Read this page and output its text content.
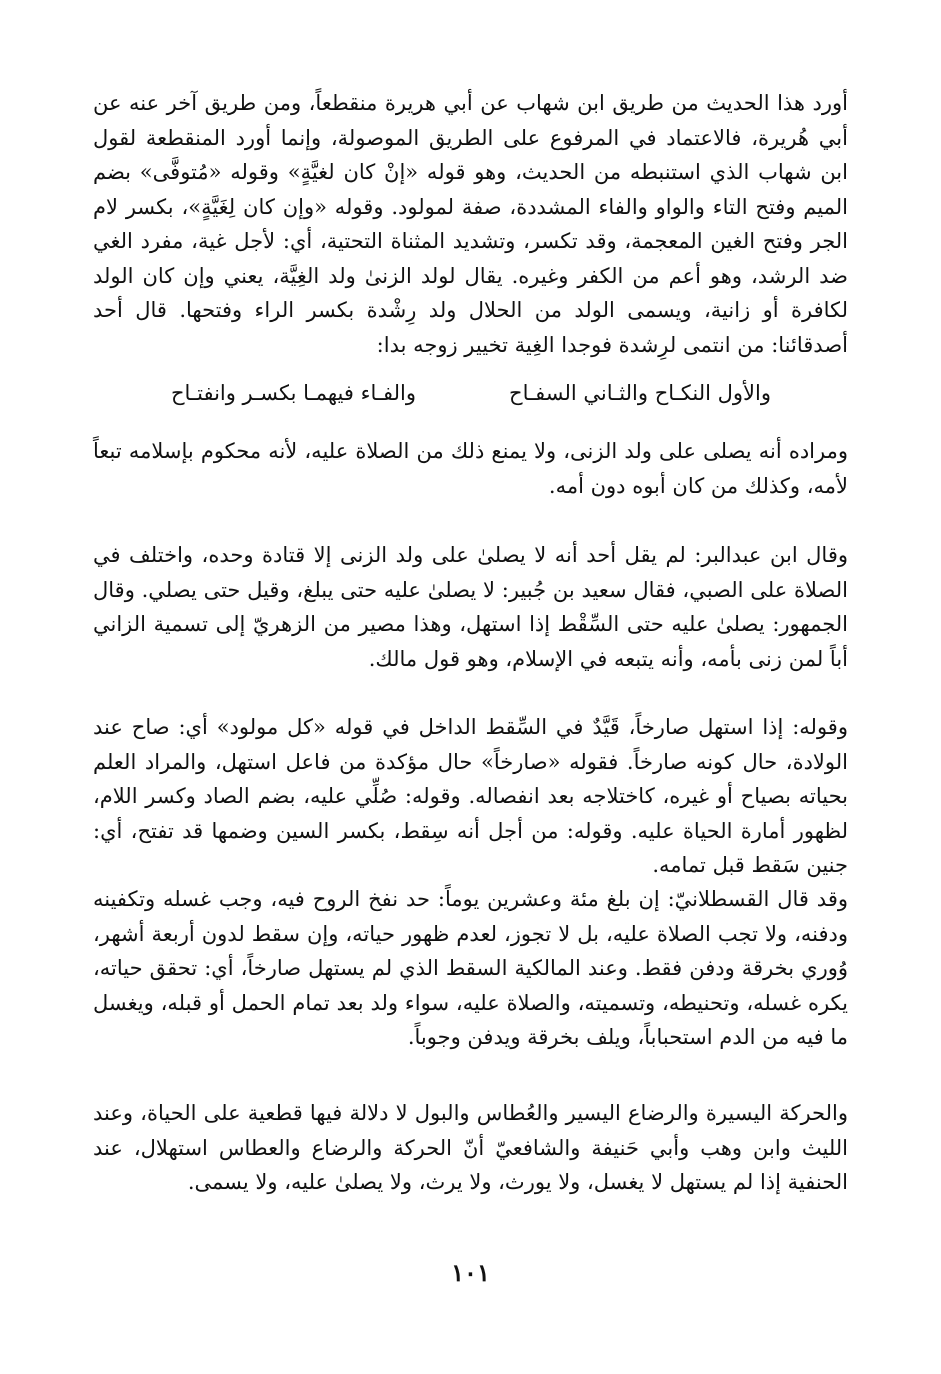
أورد هذا الحديث من طريق ابن شهاب عن أبي هريرة منقطعاً، ومن طريق آخر عنه عن أبي هُريرة، فالاعتماد في المرفوع على الطريق الموصولة، وإنما أورد المنقطعة لقول ابن شهاب الذي استنبطه من الحديث، وهو قوله «إنْ كان لغيَّةٍ» وقوله «مُتوفَّى» بضم الميم وفتح التاء والواو والفاء المشددة، صفة لمولود. وقوله «وإن كان لِغَيَّةٍ»، بكسر لام الجر وفتح الغين المعجمة، وقد تكسر، وتشديد المثناة التحتية، أي: لأجل غية، مفرد الغي ضد الرشد، وهو أعم من الكفر وغيره. يقال لولد الزنىٰ ولد الغِيَّة، يعني وإن كان الولد لكافرة أو زانية، ويسمى الولد من الحلال ولد رِشْدة بكسر الراء وفتحها. قال أحد أصدقائنا: من انتمى لرِشدة فوجدا الغِية تخيير زوجه بدا:

والأول النكـاح والثـاني السفـاح
والفـاء فيهمـا بكسـر وانفتـاح

ومراده أنه يصلى على ولد الزنى، ولا يمنع ذلك من الصلاة عليه، لأنه محكوم بإسلامه تبعاً لأمه، وكذلك من كان أبوه دون أمه.

وقال ابن عبدالبر: لم يقل أحد أنه لا يصلىٰ على ولد الزنى إلا قتادة وحده، واختلف في الصلاة على الصبي، فقال سعيد بن جُبير: لا يصلىٰ عليه حتى يبلغ، وقيل حتى يصلي. وقال الجمهور: يصلىٰ عليه حتى السِّقْط إذا استهل، وهذا مصير من الزهريّ إلى تسمية الزاني أباً لمن زنى بأمه، وأنه يتبعه في الإسلام، وهو قول مالك.

وقوله: إذا استهل صارخاً، قَيَّدٌ في السِّقط الداخل في قوله «كل مولود» أي: صاح عند الولادة، حال كونه صارخاً. فقوله «صارخاً» حال مؤكدة من فاعل استهل، والمراد العلم بحياته بصياح أو غيره، كاختلاجه بعد انفصاله. وقوله: صُلِّي عليه، بضم الصاد وكسر اللام، لظهور أمارة الحياة عليه. وقوله: من أجل أنه سِقط، بكسر السين وضمها قد تفتح، أي: جنين سَقط قبل تمامه.

وقد قال القسطلانيّ: إن بلغ مئة وعشرين يوماً: حد نفخ الروح فيه، وجب غسله وتكفينه ودفنه، ولا تجب الصلاة عليه، بل لا تجوز، لعدم ظهور حياته، وإن سقط لدون أربعة أشهر، وُوري بخرقة ودفن فقط. وعند المالكية السقط الذي لم يستهل صارخاً، أي: تحقق حياته، يكره غسله، وتحنيطه، وتسميته، والصلاة عليه، سواء ولد بعد تمام الحمل أو قبله، ويغسل ما فيه من الدم استحباباً، ويلف بخرقة ويدفن وجوباً.

والحركة اليسيرة والرضاع اليسير والعُطاس والبول لا دلالة فيها قطعية على الحياة، وعند الليث وابن وهب وأبي حَنيفة والشافعيّ أنّ الحركة والرضاع والعطاس استهلال، عند الحنفية إذا لم يستهل لا يغسل، ولا يورث، ولا يرث، ولا يصلىٰ عليه، ولا يسمى.

١٠١
